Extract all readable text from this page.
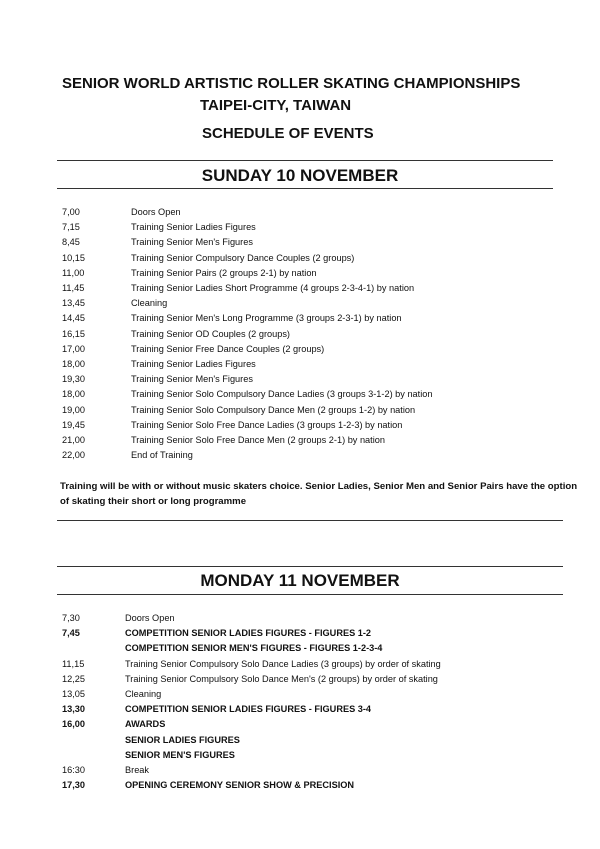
SENIOR WORLD ARTISTIC ROLLER SKATING CHAMPIONSHIPS
TAIPEI-CITY, TAIWAN
SCHEDULE OF EVENTS
SUNDAY 10 NOVEMBER
7,00	Doors Open
7,15	Training Senior Ladies Figures
8,45	Training Senior Men's Figures
10,15	Training Senior Compulsory Dance Couples (2 groups)
11,00	Training Senior Pairs (2 groups 2-1) by nation
11,45	Training Senior Ladies Short Programme (4 groups 2-3-4-1) by nation
13,45	Cleaning
14,45	Training Senior Men's Long Programme (3 groups 2-3-1) by nation
16,15	Training Senior OD Couples (2 groups)
17,00	Training Senior Free Dance Couples (2 groups)
18,00	Training Senior Ladies Figures
19,30	Training Senior Men's Figures
18,00	Training Senior Solo Compulsory Dance Ladies (3 groups 3-1-2) by nation
19,00	Training Senior Solo Compulsory Dance Men (2 groups 1-2) by nation
19,45	Training Senior Solo Free Dance Ladies (3 groups 1-2-3) by nation
21,00	Training Senior Solo Free Dance Men (2 groups 2-1) by nation
22,00	End of Training
Training will be with or without music skaters choice. Senior Ladies, Senior Men and Senior Pairs have the option of skating their short or long programme
MONDAY 11 NOVEMBER
7,30	Doors Open
7,45	COMPETITION SENIOR LADIES FIGURES - FIGURES 1-2
COMPETITION SENIOR MEN'S FIGURES - FIGURES 1-2-3-4
11,15	Training Senior Compulsory Solo Dance Ladies (3 groups) by order of skating
12,25	Training Senior Compulsory Solo Dance Men's (2 groups) by order of skating
13,05	Cleaning
13,30	COMPETITION SENIOR LADIES FIGURES - FIGURES 3-4
16,00	AWARDS
SENIOR LADIES FIGURES
SENIOR MEN'S FIGURES
16:30	Break
17,30	OPENING CEREMONY SENIOR SHOW & PRECISION
